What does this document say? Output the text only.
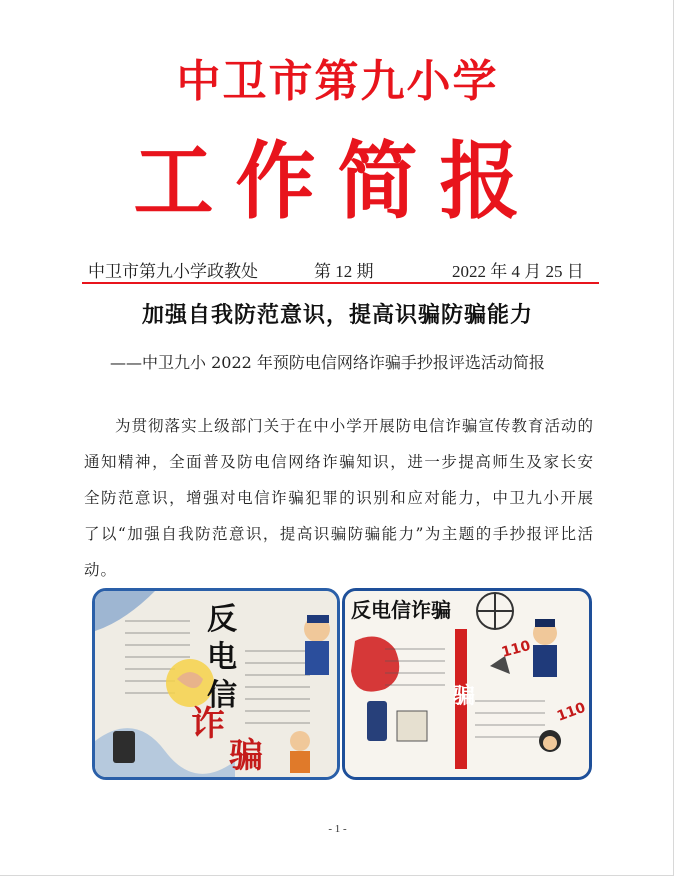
中卫市第九小学
工作简报
中卫市第九小学政教处	第 12 期	2022 年 4 月 25 日
加强自我防范意识，提高识骗防骗能力
——中卫九小 2022 年预防电信网络诈骗手抄报评选活动简报
为贯彻落实上级部门关于在中小学开展防电信诈骗宣传教育活动的通知精神，全面普及防电信网络诈骗知识，进一步提高师生及家长安全防范意识，增强对电信诈骗犯罪的识别和应对能力，中卫九小开展了以“加强自我防范意识，提高识骗防骗能力”为主题的手抄报评比活动。
反
电
信
诈
骗
反电信诈骗
骗
110
110
- 1 -
